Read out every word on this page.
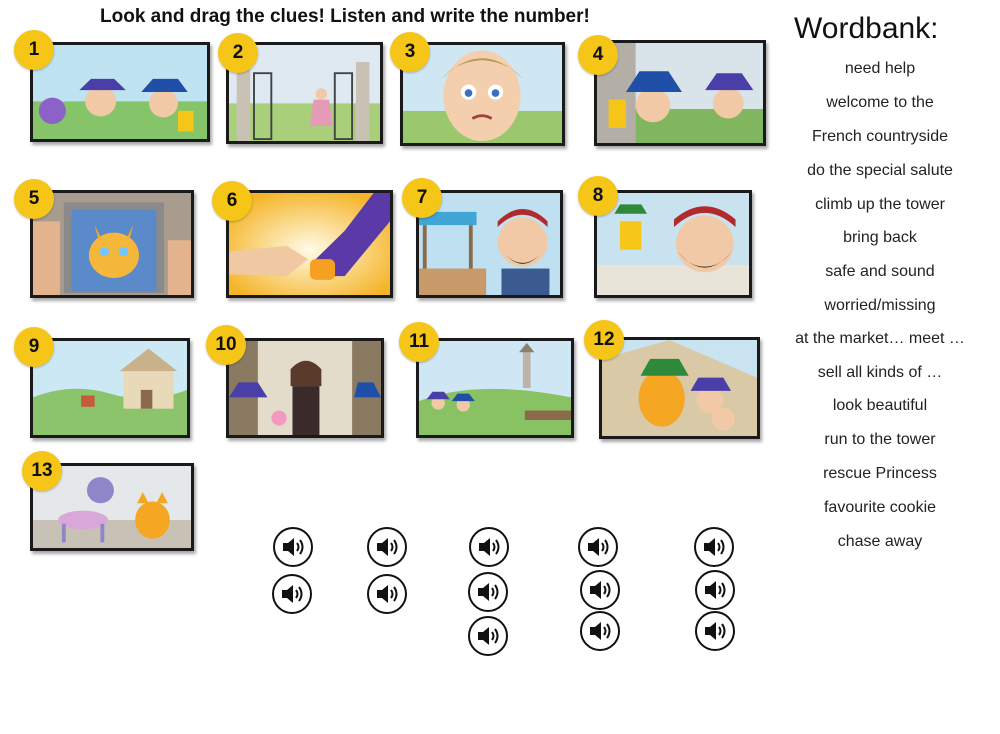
Look and drag the clues! Listen and write the number!
1	2	3	4
5	6	7	8
9	10	11	12
13
Wordbank:
need help
welcome to the
French countryside
do the special salute
climb up the tower
bring back
safe and sound
worried/missing
at the market… meet …
sell all kinds of …
look beautiful
run to the tower
rescue Princess
favourite cookie
chase away
